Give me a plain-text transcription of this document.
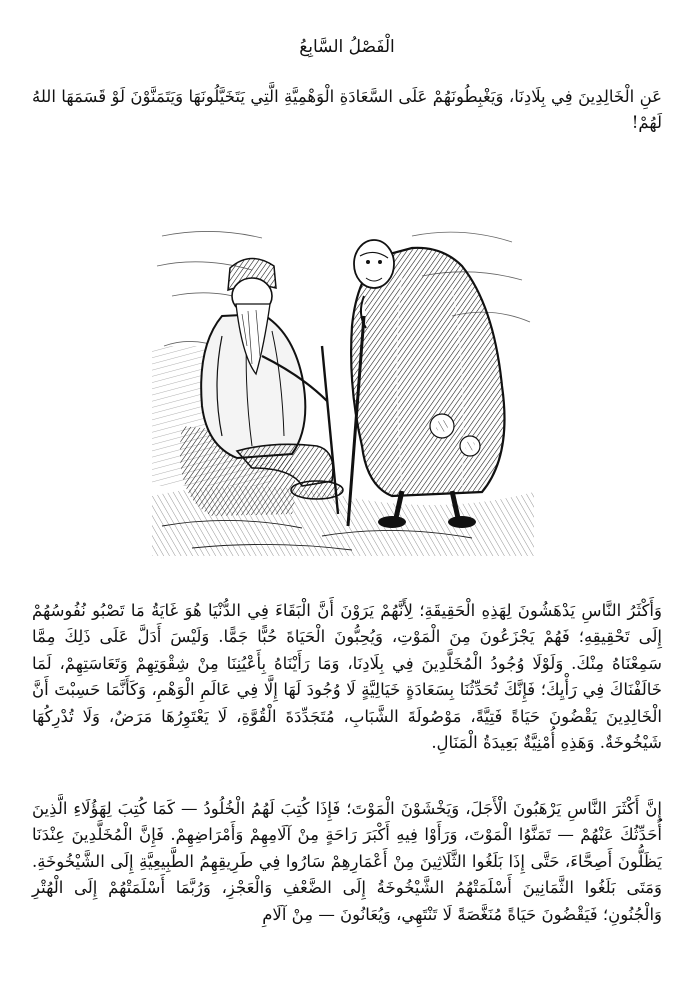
الْفَصْلُ السَّابِعُ

عَنِ الْخَالِدِينَ فِي بِلَادِنَا، وَيَغْبِطُونَهُمْ عَلَى السَّعَادَةِ الْوَهْمِيَّةِ الَّتِي يَتَخَيَّلُونَهَا وَيَتَمَنَّوْنَ لَوْ قَسَمَهَا اللهُ لَهُمْ!

وَأَكْثَرُ النَّاسِ يَدْهَشُونَ لِهَذِهِ الْحَقِيقَةِ؛ لِأَنَّهُمْ يَرَوْنَ أَنَّ الْبَقَاءَ فِي الدُّنْيَا هُوَ غَايَةُ مَا تَصْبُو نُفُوسُهُمْ إِلَى تَحْقِيقِهِ؛ فَهُمْ يَجْزَعُونَ مِنَ الْمَوْتِ، وَيُحِبُّونَ الْحَيَاةَ حُبًّا جَمًّا. وَلَيْسَ أَدَلَّ عَلَى ذَلِكَ مِمَّا سَمِعْنَاهُ مِنْكَ. وَلَوْلَا وُجُودُ الْمُخَلَّدِينَ فِي بِلَادِنَا، وَمَا رَأَيْنَاهُ بِأَعْيُنِنَا مِنْ شِقْوَتِهِمْ وَتَعَاسَتِهِمْ، لَمَا خَالَفْنَاكَ فِي رَأْيِكَ؛ فَإِنَّكَ تُحَدِّثُنَا بِسَعَادَةٍ خَيَالِيَّةٍ لَا وُجُودَ لَهَا إِلَّا فِي عَالَمِ الْوَهْمِ، وَكَأَنَّمَا حَسِبْتَ أَنَّ الْخَالِدِينَ يَقْضُونَ حَيَاةً فَتِيَّةً، مَوْصُولَةَ الشَّبَابِ، مُتَجَدِّدَةَ الْقُوَّةِ، لَا يَعْتَوِرُهَا مَرَضٌ، وَلَا تُدْرِكُهَا شَيْخُوخَةٌ. وَهَذِهِ أُمْنِيَّةٌ بَعِيدَةُ الْمَنَالِ.

إِنَّ أَكْثَرَ النَّاسِ يَرْهَبُونَ الْأَجَلَ، وَيَخْشَوْنَ الْمَوْتَ؛ فَإِذَا كُتِبَ لَهُمُ الْخُلُودُ — كَمَا كُتِبَ لِهَؤُلَاءِ الَّذِينَ أُحَدِّثُكَ عَنْهُمْ — تَمَنَّوُا الْمَوْتَ، وَرَأَوْا فِيهِ أَكْبَرَ رَاحَةٍ مِنْ آلَامِهِمْ وَأَمْرَاضِهِمْ. فَإِنَّ الْمُخَلَّدِينَ عِنْدَنَا يَظَلُّونَ أَصِحَّاءَ، حَتَّى إِذَا بَلَغُوا الثَّلَاثِينَ مِنْ أَعْمَارِهِمْ سَارُوا فِي طَرِيقِهِمُ الطَّبِيعِيَّةِ إِلَى الشَّيْخُوخَةِ. وَمَتَى بَلَغُوا الثَّمَانِينَ أَسْلَمَتْهُمُ الشَّيْخُوخَةُ إِلَى الضَّعْفِ وَالْعَجْزِ، وَرُبَّمَا أَسْلَمَتْهُمْ إِلَى الْهُتْرِ وَالْجُنُونِ؛ فَيَقْضُونَ حَيَاةً مُنَغَّصَةً لَا تَنْتَهِي، وَيُعَانُونَ — مِنْ آلَامِ
